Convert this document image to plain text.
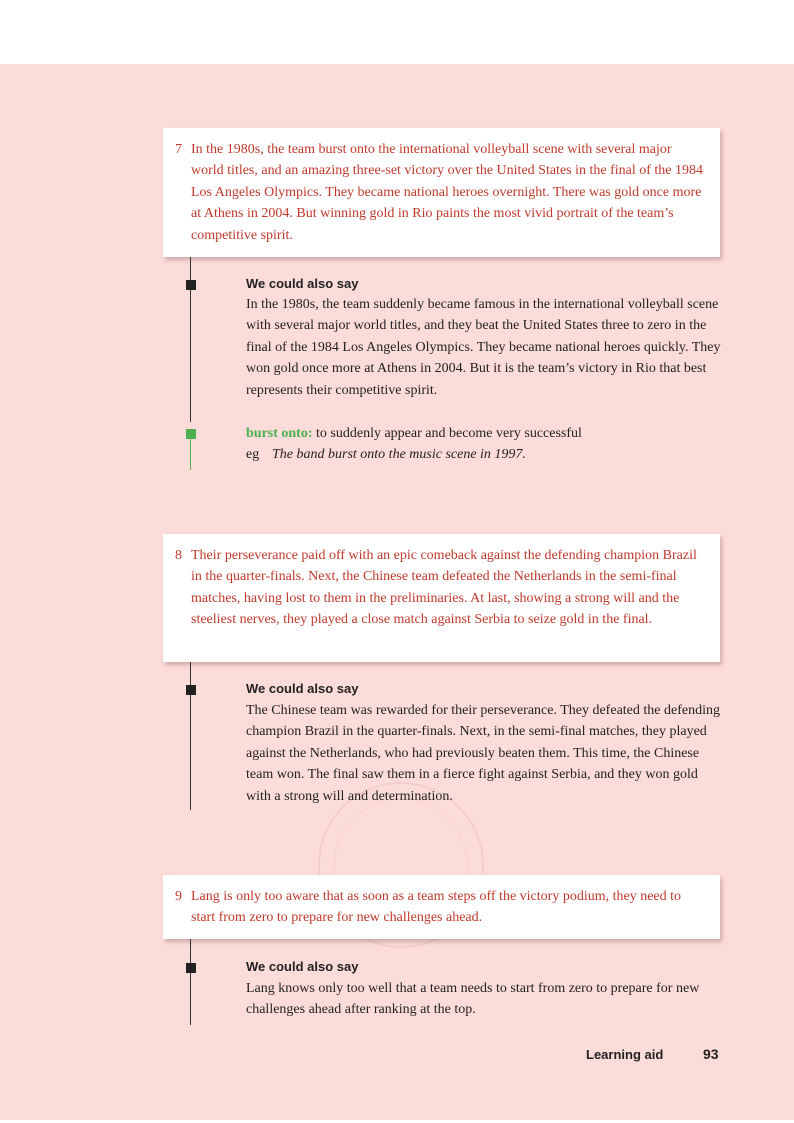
7 In the 1980s, the team burst onto the international volleyball scene with several major world titles, and an amazing three-set victory over the United States in the final of the 1984 Los Angeles Olympics. They became national heroes overnight. There was gold once more at Athens in 2004. But winning gold in Rio paints the most vivid portrait of the team’s competitive spirit.

We could also say

In the 1980s, the team suddenly became famous in the international volleyball scene with several major world titles, and they beat the United States three to zero in the final of the 1984 Los Angeles Olympics. They became national heroes quickly. They won gold once more at Athens in 2004. But it is the team’s victory in Rio that best represents their competitive spirit.

burst onto: to suddenly appear and become very successful
eg The band burst onto the music scene in 1997.
8 Their perseverance paid off with an epic comeback against the defending champion Brazil in the quarter-finals. Next, the Chinese team defeated the Netherlands in the semi-final matches, having lost to them in the preliminaries. At last, showing a strong will and the steeliest nerves, they played a close match against Serbia to seize gold in the final.

We could also say

The Chinese team was rewarded for their perseverance. They defeated the defending champion Brazil in the quarter-finals. Next, in the semi-final matches, they played against the Netherlands, who had previously beaten them. This time, the Chinese team won. The final saw them in a fierce fight against Serbia, and they won gold with a strong will and determination.

9 Lang is only too aware that as soon as a team steps off the victory podium, they need to start from zero to prepare for new challenges ahead.

We could also say

Lang knows only too well that a team needs to start from zero to prepare for new challenges ahead after ranking at the top.

Learning aid	93
